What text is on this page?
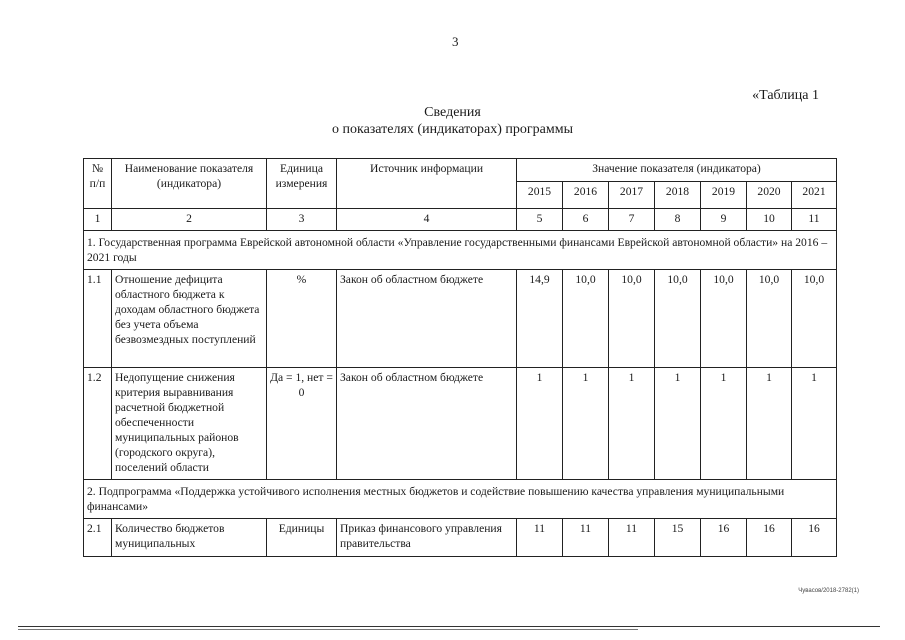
3
«Таблица 1
Сведения
о показателях (индикаторах) программы
№ п/п	Наименование показателя (индикатора)	Единица измерения	Источник информации	Значение показателя (индикатора)						
				2015	2016	2017	2018	2019	2020	2021
1	2	3	4	5	6	7	8	9	10	11
1. Государственная программа Еврейской автономной области «Управление государственными финансами Еврейской автономной области» на 2016 – 2021 годы										
1.1	Отношение дефицита областного бюджета к доходам областного бюджета без учета объема безвозмездных поступлений	%	Закон об областном бюджете	14,9	10,0	10,0	10,0	10,0	10,0	10,0
1.2	Недопущение снижения критерия выравнивания расчетной бюджетной обеспеченности муниципальных районов (городского округа), поселений области	Да = 1, нет = 0	Закон об областном бюджете	1	1	1	1	1	1	1
2. Подпрограмма «Поддержка устойчивого исполнения местных бюджетов и содействие повышению качества управления муниципальными финансами»										
2.1	Количество бюджетов муниципальных	Единицы	Приказ финансового управления правительства	11	11	11	15	16	16	16
Чувасов/2018-2782(1)
